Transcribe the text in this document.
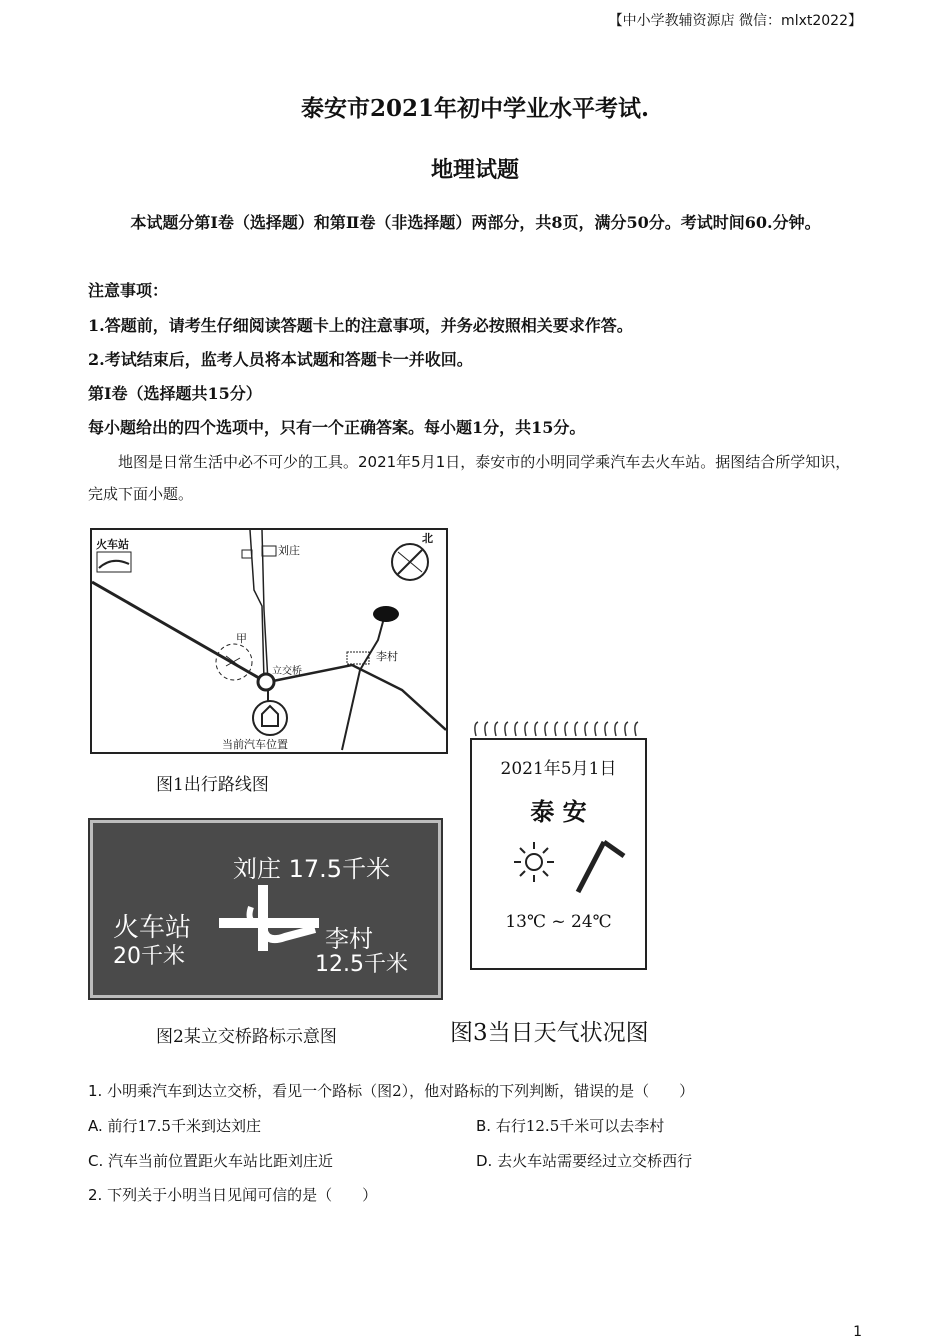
【中小学教辅资源店 微信：mlxt2022】
泰安市2021年初中学业水平考试.
地理试题
本试题分第Ⅰ卷（选择题）和第Ⅱ卷（非选择题）两部分，共8页，满分50分。考试时间60.分钟。
注意事项：
1.答题前，请考生仔细阅读答题卡上的注意事项，并务必按照相关要求作答。
2.考试结束后，监考人员将本试题和答题卡一并收回。
第Ⅰ卷（选择题共15分）
每小题给出的四个选项中，只有一个正确答案。每小题1分，共15分。
地图是日常生活中必不可少的工具。2021年5月1日，泰安市的小明同学乘汽车去火车站。据图结合所学知识，完成下面小题。
火车站	刘庄
北
甲
立交桥
李村
当前汽车位置
图1出行路线图
刘庄 17.5千米
火车站
20千米
李村
12.5千米
图2某立交桥路标示意图
2021年5月1日
泰 安
13℃ ~ 24℃
图3当日天气状况图
1. 小明乘汽车到达立交桥，看见一个路标（图2），他对路标的下列判断，错误的是（　　）
A. 前行17.5千米到达刘庄	B. 右行12.5千米可以去李村
C. 汽车当前位置距火车站比距刘庄近	D. 去火车站需要经过立交桥西行
2. 下列关于小明当日见闻可信的是（　　）
1
